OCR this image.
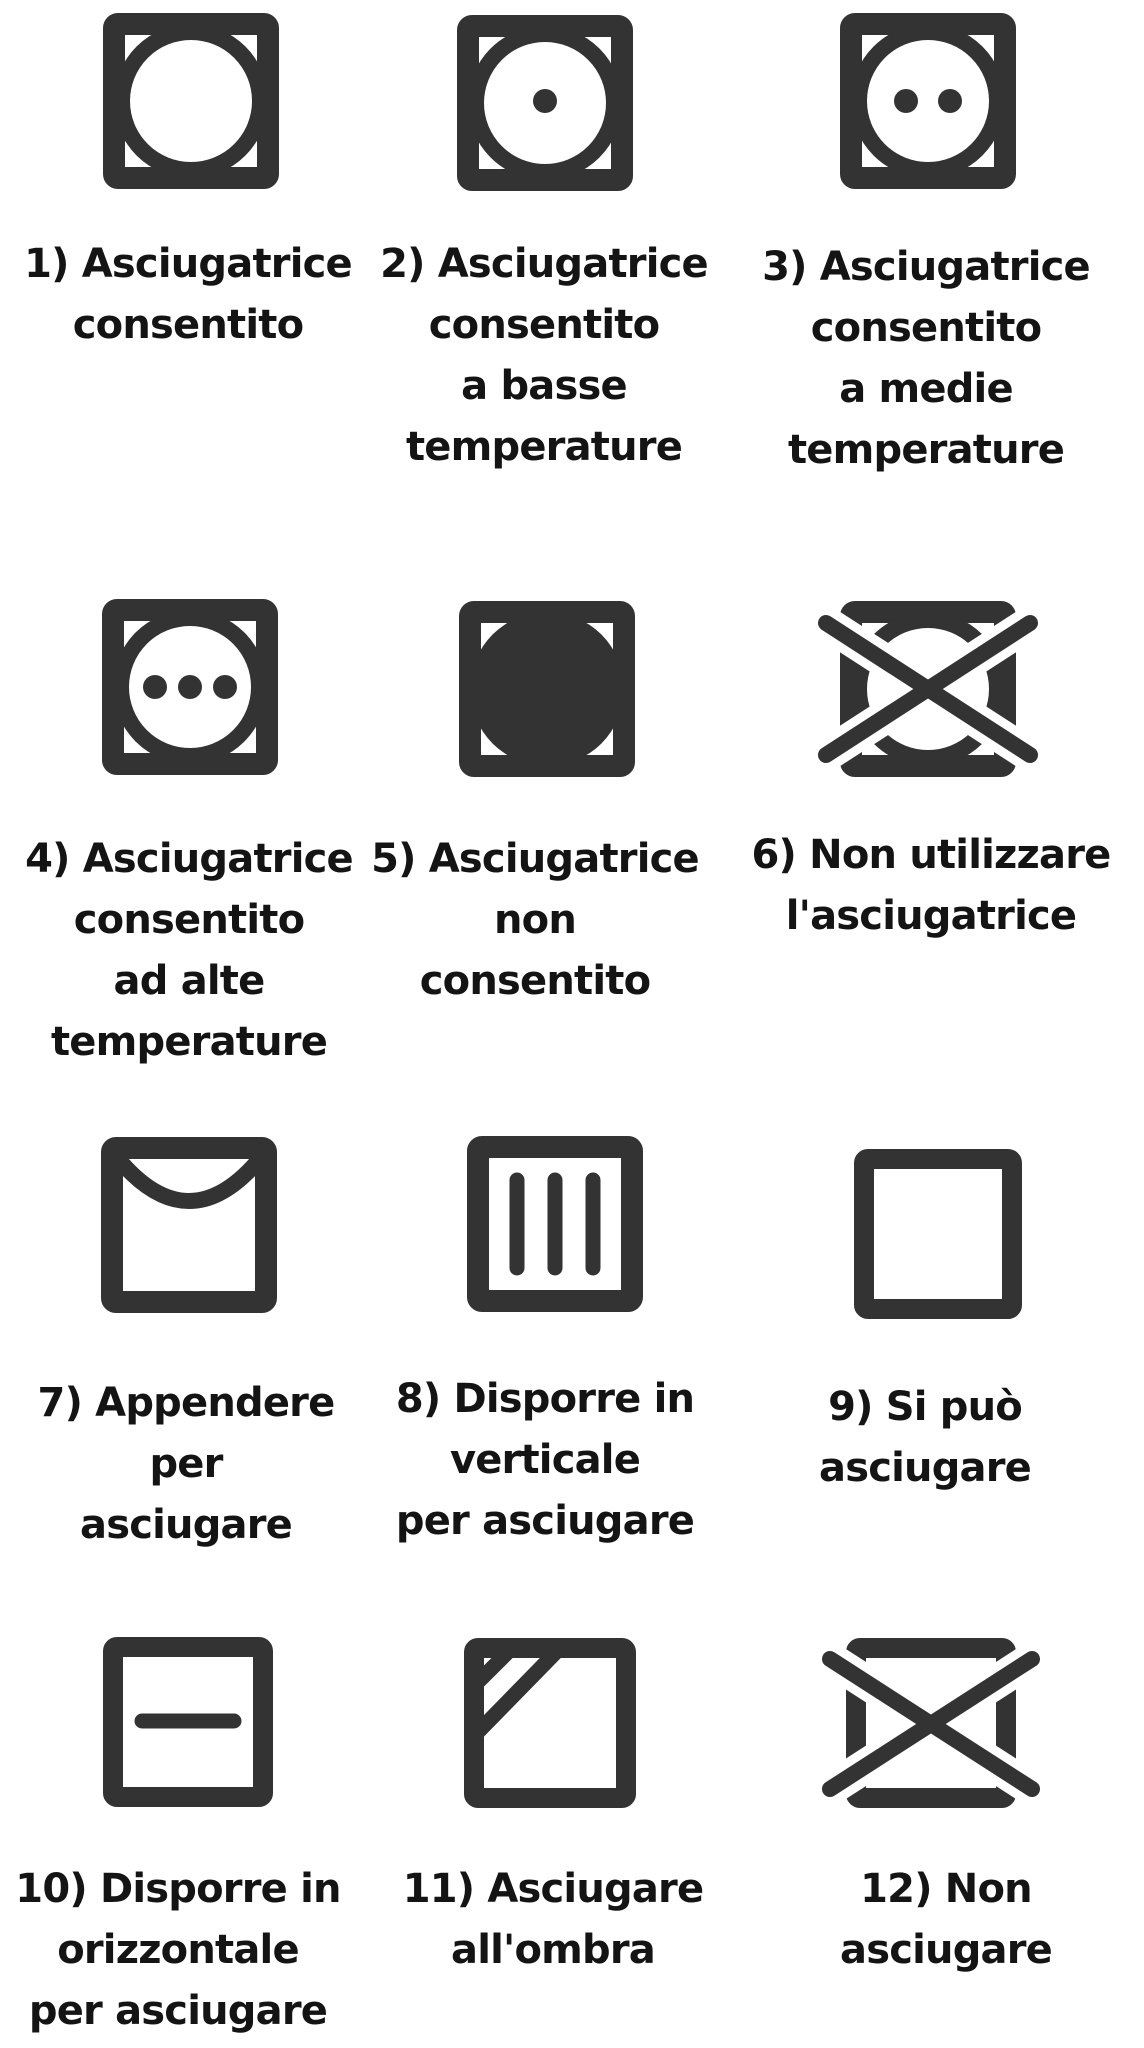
1) Asciugatrice
consentito
2) Asciugatrice
consentito
a basse
temperature
3) Asciugatrice
consentito
a medie
temperature
4) Asciugatrice
consentito
ad alte
temperature
5) Asciugatrice
non
consentito
6) Non utilizzare
l'asciugatrice
7) Appendere
per
asciugare
8) Disporre in
verticale
per asciugare
9) Si può
asciugare
10) Disporre in
orizzontale
per asciugare
11) Asciugare
all'ombra
12) Non
asciugare
